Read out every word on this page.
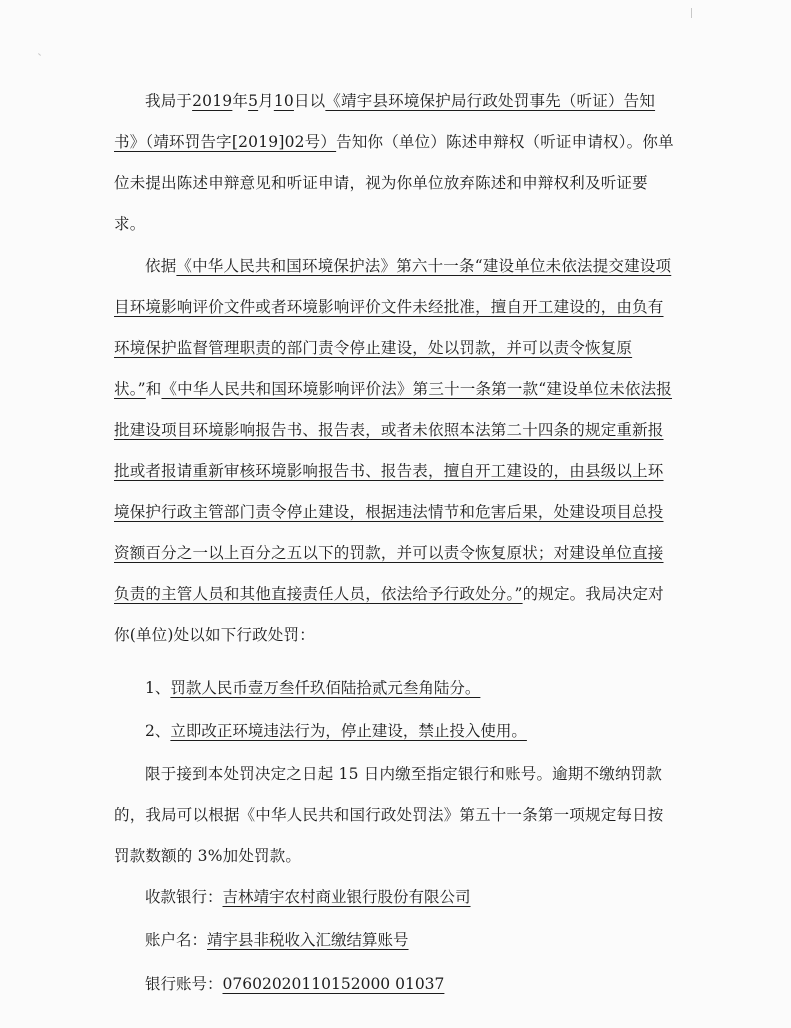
我局于2019年5月10日以《靖宇县环境保护局行政处罚事先（听证）告知书》（靖环罚告字[2019]02号）告知你（单位）陈述申辩权（听证申请权）。你单位未提出陈述申辩意见和听证申请，视为你单位放弃陈述和申辩权利及听证要求。

依据《中华人民共和国环境保护法》第六十一条“建设单位未依法提交建设项目环境影响评价文件或者环境影响评价文件未经批准，擅自开工建设的，由负有环境保护监督管理职责的部门责令停止建设，处以罚款，并可以责令恢复原状。”和《中华人民共和国环境影响评价法》第三十一条第一款“建设单位未依法报批建设项目环境影响报告书、报告表，或者未依照本法第二十四条的规定重新报批或者报请重新审核环境影响报告书、报告表，擅自开工建设的，由县级以上环境保护行政主管部门责令停止建设，根据违法情节和危害后果，处建设项目总投资额百分之一以上百分之五以下的罚款，并可以责令恢复原状；对建设单位直接负责的主管人员和其他直接责任人员，依法给予行政处分。”的规定。我局决定对你(单位)处以如下行政处罚：

1、罚款人民币壹万叁仟玖佰陆拾贰元叁角陆分。
2、立即改正环境违法行为，停止建设，禁止投入使用。

限于接到本处罚决定之日起 15 日内缴至指定银行和账号。逾期不缴纳罚款的，我局可以根据《中华人民共和国行政处罚法》第五十一条第一项规定每日按罚款数额的 3%加处罚款。

收款银行：吉林靖宇农村商业银行股份有限公司
账户名：靖宇县非税收入汇缴结算账号
银行账号：07602020110152000 01037
